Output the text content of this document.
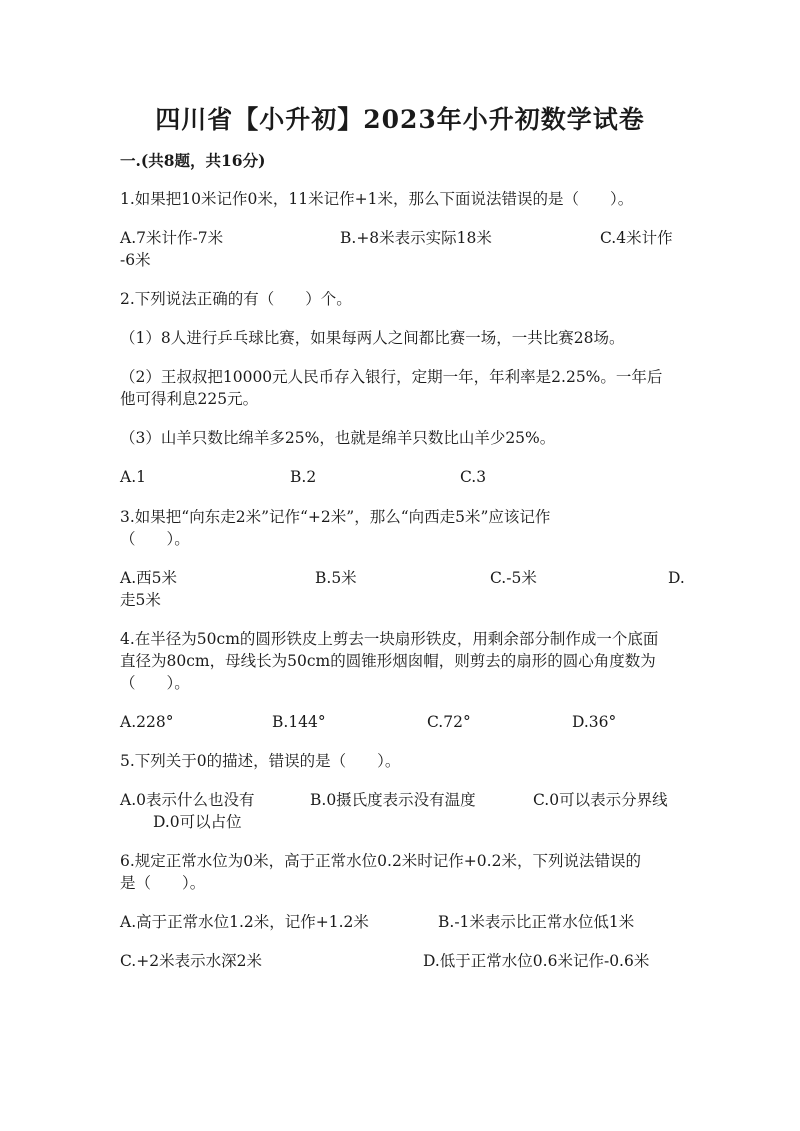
四川省【小升初】2023年小升初数学试卷
一.(共8题，共16分)
1.如果把10米记作0米，11米记作+1米，那么下面说法错误的是（　　）。
A.7米计作-7米	B.+8米表示实际18米	C.4米计作
-6米
2.下列说法正确的有（　　）个。
（1）8人进行乒乓球比赛，如果每两人之间都比赛一场，一共比赛28场。
（2）王叔叔把10000元人民币存入银行，定期一年，年利率是2.25%。一年后
他可得利息225元。
（3）山羊只数比绵羊多25%，也就是绵羊只数比山羊少25%。
A.1	B.2	C.3
3.如果把“向东走2米”记作“+2米”，那么“向西走5米”应该记作
（　　）。
A.西5米	B.5米	C.-5米	D.
走5米
4.在半径为50cm的圆形铁皮上剪去一块扇形铁皮，用剩余部分制作成一个底面
直径为80cm，母线长为50cm的圆锥形烟囱帽，则剪去的扇形的圆心角度数为
（　　）。
A.228°	B.144°	C.72°	D.36°
5.下列关于0的描述，错误的是（　　）。
A.0表示什么也没有	B.0摄氏度表示没有温度	C.0可以表示分界线
D.0可以占位
6.规定正常水位为0米，高于正常水位0.2米时记作+0.2米，下列说法错误的
是（　　）。
A.高于正常水位1.2米，记作+1.2米	B.-1米表示比正常水位低1米
C.+2米表示水深2米	D.低于正常水位0.6米记作-0.6米
